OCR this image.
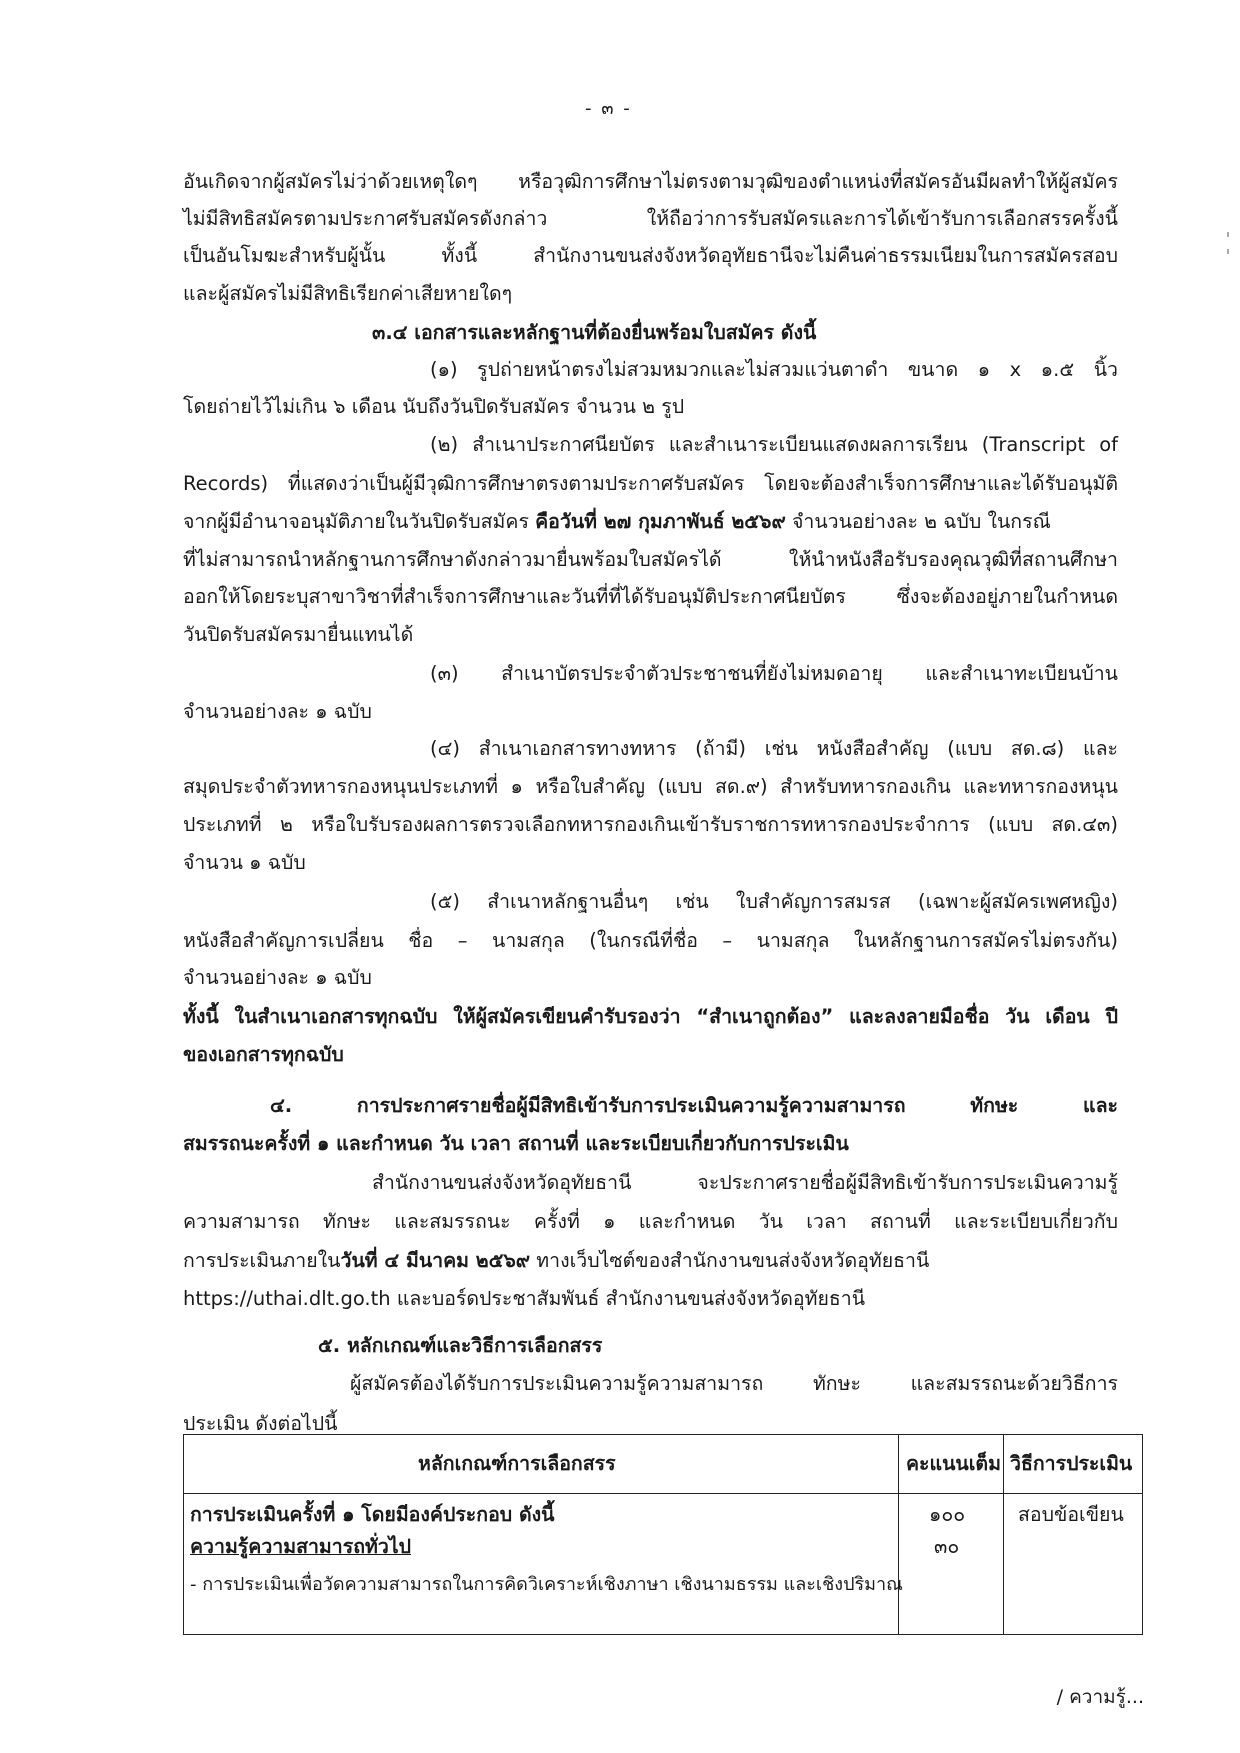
- ๓ -
อันเกิดจากผู้สมัครไม่ว่าด้วยเหตุใดๆ หรือวุฒิการศึกษาไม่ตรงตามวุฒิของตำแหน่งที่สมัครอันมีผลทำให้ผู้สมัคร
ไม่มีสิทธิสมัครตามประกาศรับสมัครดังกล่าว ให้ถือว่าการรับสมัครและการได้เข้ารับการเลือกสรรครั้งนี้
เป็นอันโมฆะสำหรับผู้นั้น ทั้งนี้ สำนักงานขนส่งจังหวัดอุทัยธานีจะไม่คืนค่าธรรมเนียมในการสมัครสอบ
และผู้สมัครไม่มีสิทธิเรียกค่าเสียหายใดๆ
๓.๔ เอกสารและหลักฐานที่ต้องยื่นพร้อมใบสมัคร ดังนี้
(๑) รูปถ่ายหน้าตรงไม่สวมหมวกและไม่สวมแว่นตาดำ ขนาด ๑ x ๑.๕ นิ้ว
โดยถ่ายไว้ไม่เกิน ๖ เดือน นับถึงวันปิดรับสมัคร จำนวน ๒ รูป
(๒) สำเนาประกาศนียบัตร และสำเนาระเบียนแสดงผลการเรียน (Transcript of
Records) ที่แสดงว่าเป็นผู้มีวุฒิการศึกษาตรงตามประกาศรับสมัคร โดยจะต้องสำเร็จการศึกษาและได้รับอนุมัติ
จากผู้มีอำนาจอนุมัติภายในวันปิดรับสมัคร คือวันที่ ๒๗ กุมภาพันธ์ ๒๕๖๙ จำนวนอย่างละ ๒ ฉบับ ในกรณี
ที่ไม่สามารถนำหลักฐานการศึกษาดังกล่าวมายื่นพร้อมใบสมัครได้ ให้นำหนังสือรับรองคุณวุฒิที่สถานศึกษา
ออกให้โดยระบุสาขาวิชาที่สำเร็จการศึกษาและวันที่ที่ได้รับอนุมัติประกาศนียบัตร ซึ่งจะต้องอยู่ภายในกำหนด
วันปิดรับสมัครมายื่นแทนได้
(๓) สำเนาบัตรประจำตัวประชาชนที่ยังไม่หมดอายุ และสำเนาทะเบียนบ้าน
จำนวนอย่างละ ๑ ฉบับ
(๔) สำเนาเอกสารทางทหาร (ถ้ามี) เช่น หนังสือสำคัญ (แบบ สด.๘) และ
สมุดประจำตัวทหารกองหนุนประเภทที่ ๑ หรือใบสำคัญ (แบบ สด.๙) สำหรับทหารกองเกิน และทหารกองหนุน
ประเภทที่ ๒ หรือใบรับรองผลการตรวจเลือกทหารกองเกินเข้ารับราชการทหารกองประจำการ (แบบ สด.๔๓)
จำนวน ๑ ฉบับ
(๕) สำเนาหลักฐานอื่นๆ เช่น ใบสำคัญการสมรส (เฉพาะผู้สมัครเพศหญิง)
หนังสือสำคัญการเปลี่ยน ชื่อ – นามสกุล (ในกรณีที่ชื่อ – นามสกุล ในหลักฐานการสมัครไม่ตรงกัน)
จำนวนอย่างละ ๑ ฉบับ
ทั้งนี้ ในสำเนาเอกสารทุกฉบับ ให้ผู้สมัครเขียนคำรับรองว่า “สำเนาถูกต้อง” และลงลายมือชื่อ วัน เดือน ปี
ของเอกสารทุกฉบับ
๔. การประกาศรายชื่อผู้มีสิทธิเข้ารับการประเมินความรู้ความสามารถ ทักษะ และ
สมรรถนะครั้งที่ ๑ และกำหนด วัน เวลา สถานที่ และระเบียบเกี่ยวกับการประเมิน
สำนักงานขนส่งจังหวัดอุทัยธานี จะประกาศรายชื่อผู้มีสิทธิเข้ารับการประเมินความรู้
ความสามารถ ทักษะ และสมรรถนะ ครั้งที่ ๑ และกำหนด วัน เวลา สถานที่ และระเบียบเกี่ยวกับ
การประเมินภายในวันที่ ๔ มีนาคม ๒๕๖๙ ทางเว็บไซต์ของสำนักงานขนส่งจังหวัดอุทัยธานี
https://uthai.dlt.go.th และบอร์ดประชาสัมพันธ์ สำนักงานขนส่งจังหวัดอุทัยธานี
๕. หลักเกณฑ์และวิธีการเลือกสรร
ผู้สมัครต้องได้รับการประเมินความรู้ความสามารถ ทักษะ และสมรรถนะด้วยวิธีการ
ประเมิน ดังต่อไปนี้
หลักเกณฑ์การเลือกสรร	คะแนนเต็ม วิธีการประเมิน
การประเมินครั้งที่ ๑ โดยมีองค์ประกอบ ดังนี้
ความรู้ความสามารถทั่วไป
- การประเมินเพื่อวัดความสามารถในการคิดวิเคราะห์เชิงภาษา เชิงนามธรรม และเชิงปริมาณ
๑๐๐
๓๐
สอบข้อเขียน
/ ความรู้...
